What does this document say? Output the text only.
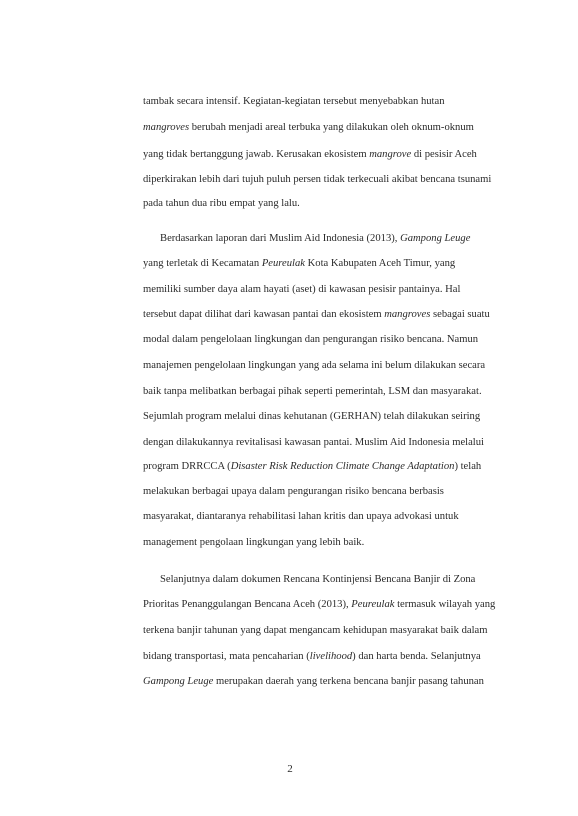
tambak secara intensif. Kegiatan-kegiatan tersebut menyebabkan hutan
mangroves berubah menjadi areal terbuka yang dilakukan oleh oknum-oknum
yang tidak bertanggung jawab. Kerusakan ekosistem mangrove di pesisir Aceh
diperkirakan lebih dari tujuh puluh persen tidak terkecuali akibat bencana tsunami
pada tahun dua ribu empat yang lalu.
Berdasarkan laporan dari Muslim Aid Indonesia (2013), Gampong Leuge
yang terletak di Kecamatan Peureulak Kota Kabupaten Aceh Timur, yang
memiliki sumber daya alam hayati (aset) di kawasan pesisir pantainya. Hal
tersebut dapat dilihat dari kawasan pantai dan ekosistem mangroves sebagai suatu
modal dalam pengelolaan lingkungan dan pengurangan risiko bencana. Namun
manajemen pengelolaan lingkungan yang ada selama ini belum dilakukan secara
baik tanpa melibatkan berbagai pihak seperti pemerintah, LSM dan masyarakat.
Sejumlah program melalui dinas kehutanan (GERHAN) telah dilakukan seiring
dengan dilakukannya revitalisasi kawasan pantai. Muslim Aid Indonesia melalui
program DRRCCA (Disaster Risk Reduction Climate Change Adaptation) telah
melakukan berbagai upaya dalam pengurangan risiko bencana berbasis
masyarakat, diantaranya rehabilitasi lahan kritis dan upaya advokasi untuk
management pengolaan lingkungan yang lebih baik.
Selanjutnya dalam dokumen Rencana Kontinjensi Bencana Banjir di Zona
Prioritas Penanggulangan Bencana Aceh (2013), Peureulak termasuk wilayah yang
terkena banjir tahunan yang dapat mengancam kehidupan masyarakat baik dalam
bidang transportasi, mata pencaharian (livelihood) dan harta benda. Selanjutnya
Gampong Leuge merupakan daerah yang terkena bencana banjir pasang tahunan
2
